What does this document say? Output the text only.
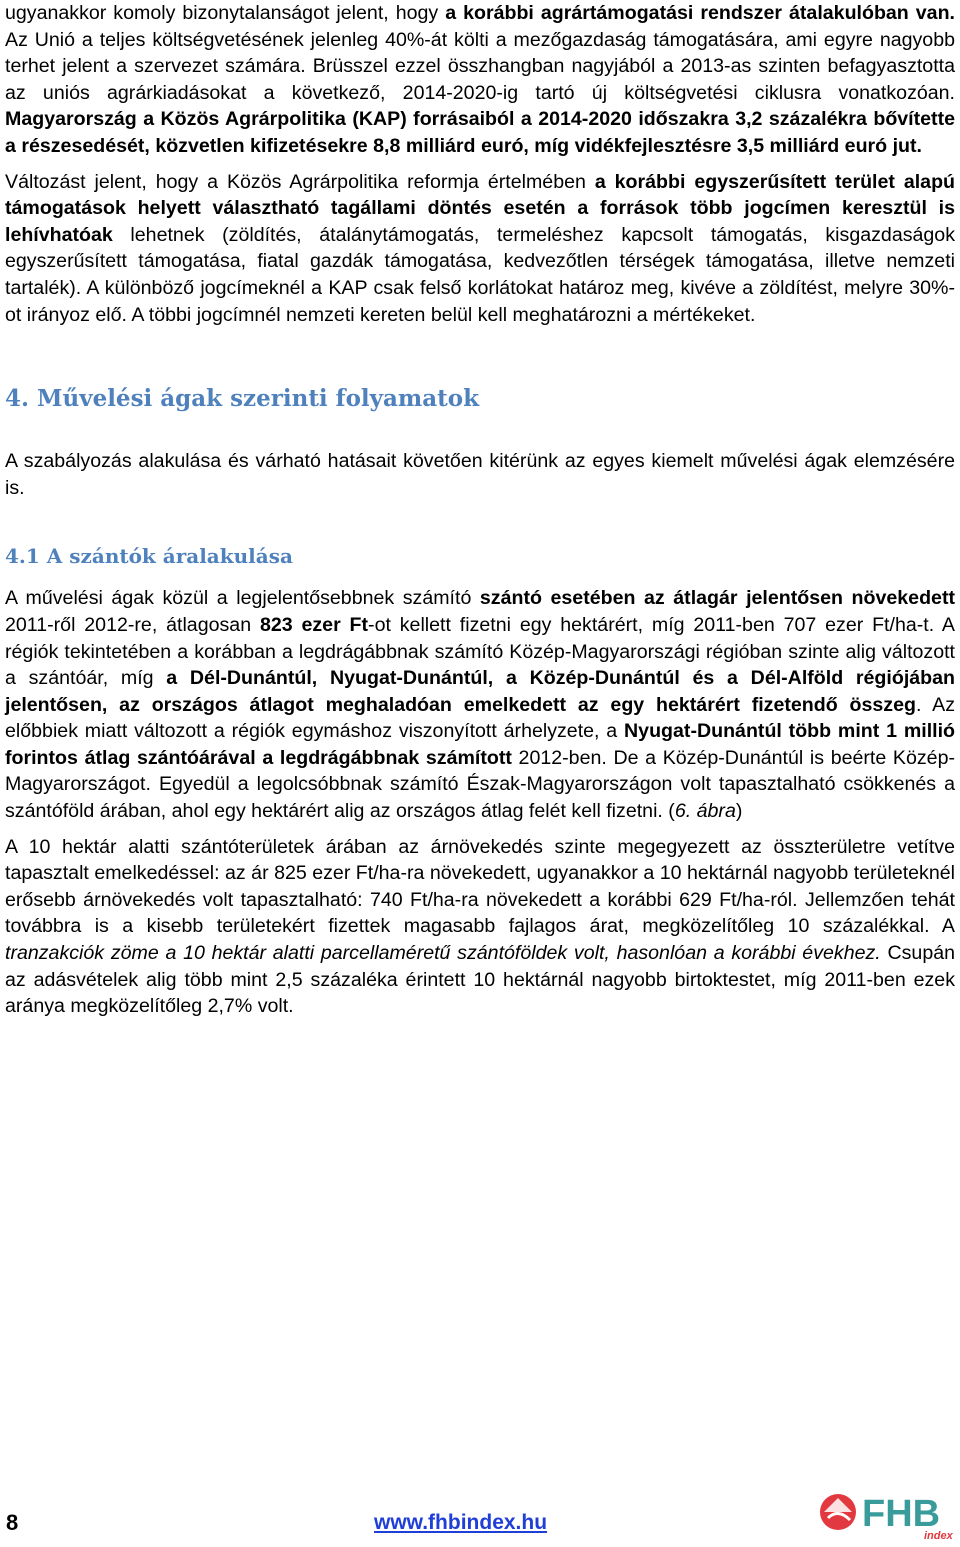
ugyanakkor komoly bizonytalanságot jelent, hogy a korábbi agrártámogatási rendszer átalakulóban van. Az Unió a teljes költségvetésének jelenleg 40%-át költi a mezőgazdaság támogatására, ami egyre nagyobb terhet jelent a szervezet számára. Brüsszel ezzel összhangban nagyjából a 2013-as szinten befagyasztotta az uniós agrárkiadásokat a következő, 2014-2020-ig tartó új költségvetési ciklusra vonatkozóan. Magyarország a Közös Agrárpolitika (KAP) forrásaiból a 2014-2020 időszakra 3,2 százalékra bővítette a részesedését, közvetlen kifizetésekre 8,8 milliárd euró, míg vidékfejlesztésre 3,5 milliárd euró jut.

Változást jelent, hogy a Közös Agrárpolitika reformja értelmében a korábbi egyszerűsített terület alapú támogatások helyett választható tagállami döntés esetén a források több jogcímen keresztül is lehívhatóak lehetnek (zöldítés, átalánytámogatás, termeléshez kapcsolt támogatás, kisgazdaságok egyszerűsített támogatása, fiatal gazdák támogatása, kedvezőtlen térségek támogatása, illetve nemzeti tartalék). A különböző jogcímeknél a KAP csak felső korlátokat határoz meg, kivéve a zöldítést, melyre 30%-ot irányoz elő. A többi jogcímnél nemzeti kereten belül kell meghatározni a mértékeket.

4. Művelési ágak szerinti folyamatok

A szabályozás alakulása és várható hatásait követően kitérünk az egyes kiemelt művelési ágak elemzésére is.

4.1 A szántók áralakulása

A művelési ágak közül a legjelentősebbnek számító szántó esetében az átlagár jelentősen növekedett 2011-ről 2012-re, átlagosan 823 ezer Ft-ot kellett fizetni egy hektárért, míg 2011-ben 707 ezer Ft/ha-t. A régiók tekintetében a korábban a legdrágábbnak számító Közép-Magyarországi régióban szinte alig változott a szántóár, míg a Dél-Dunántúl, Nyugat-Dunántúl, a Közép-Dunántúl és a Dél-Alföld régiójában jelentősen, az országos átlagot meghaladóan emelkedett az egy hektárért fizetendő összeg. Az előbbiek miatt változott a régiók egymáshoz viszonyított árhelyzete, a Nyugat-Dunántúl több mint 1 millió forintos átlag szántóárával a legdrágábbnak számított 2012-ben. De a Közép-Dunántúl is beérte Közép-Magyarországot. Egyedül a legolcsóbbnak számító Észak-Magyarországon volt tapasztalható csökkenés a szántóföld árában, ahol egy hektárért alig az országos átlag felét kell fizetni. (6. ábra)

A 10 hektár alatti szántóterületek árában az árnövekedés szinte megegyezett az összterületre vetítve tapasztalt emelkedéssel: az ár 825 ezer Ft/ha-ra növekedett, ugyanakkor a 10 hektárnál nagyobb területeknél erősebb árnövekedés volt tapasztalható: 740 Ft/ha-ra növekedett a korábbi 629 Ft/ha-ról. Jellemzően tehát továbbra is a kisebb területekért fizettek magasabb fajlagos árat, megközelítőleg 10 százalékkal. A tranzakciók zöme a 10 hektár alatti parcellaméretű szántóföldek volt, hasonlóan a korábbi évekhez. Csupán az adásvételek alig több mint 2,5 százaléka érintett 10 hektárnál nagyobb birtoktestet, míg 2011-ben ezek aránya megközelítőleg 2,7% volt.

8	www.fhbindex.hu	FHB
index
